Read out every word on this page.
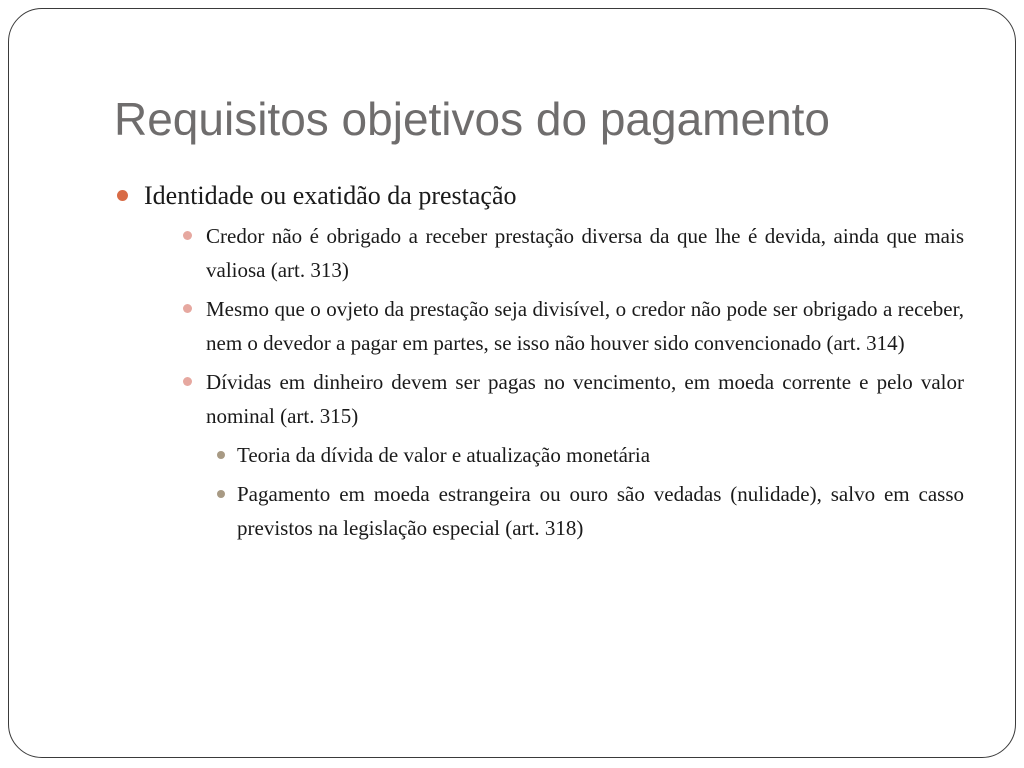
Requisitos objetivos do pagamento
Identidade ou exatidão da prestação
Credor não é obrigado a receber prestação diversa da que lhe é devida, ainda que mais valiosa (art. 313)
Mesmo que o ovjeto da prestação seja divisível, o credor não pode ser obrigado a receber, nem o devedor a pagar em partes, se isso não houver sido convencionado (art. 314)
Dívidas em dinheiro devem ser pagas no vencimento, em moeda corrente e pelo valor nominal (art. 315)
Teoria da dívida de valor e atualização monetária
Pagamento em moeda estrangeira ou ouro são vedadas (nulidade), salvo em casso previstos na legislação especial (art. 318)
